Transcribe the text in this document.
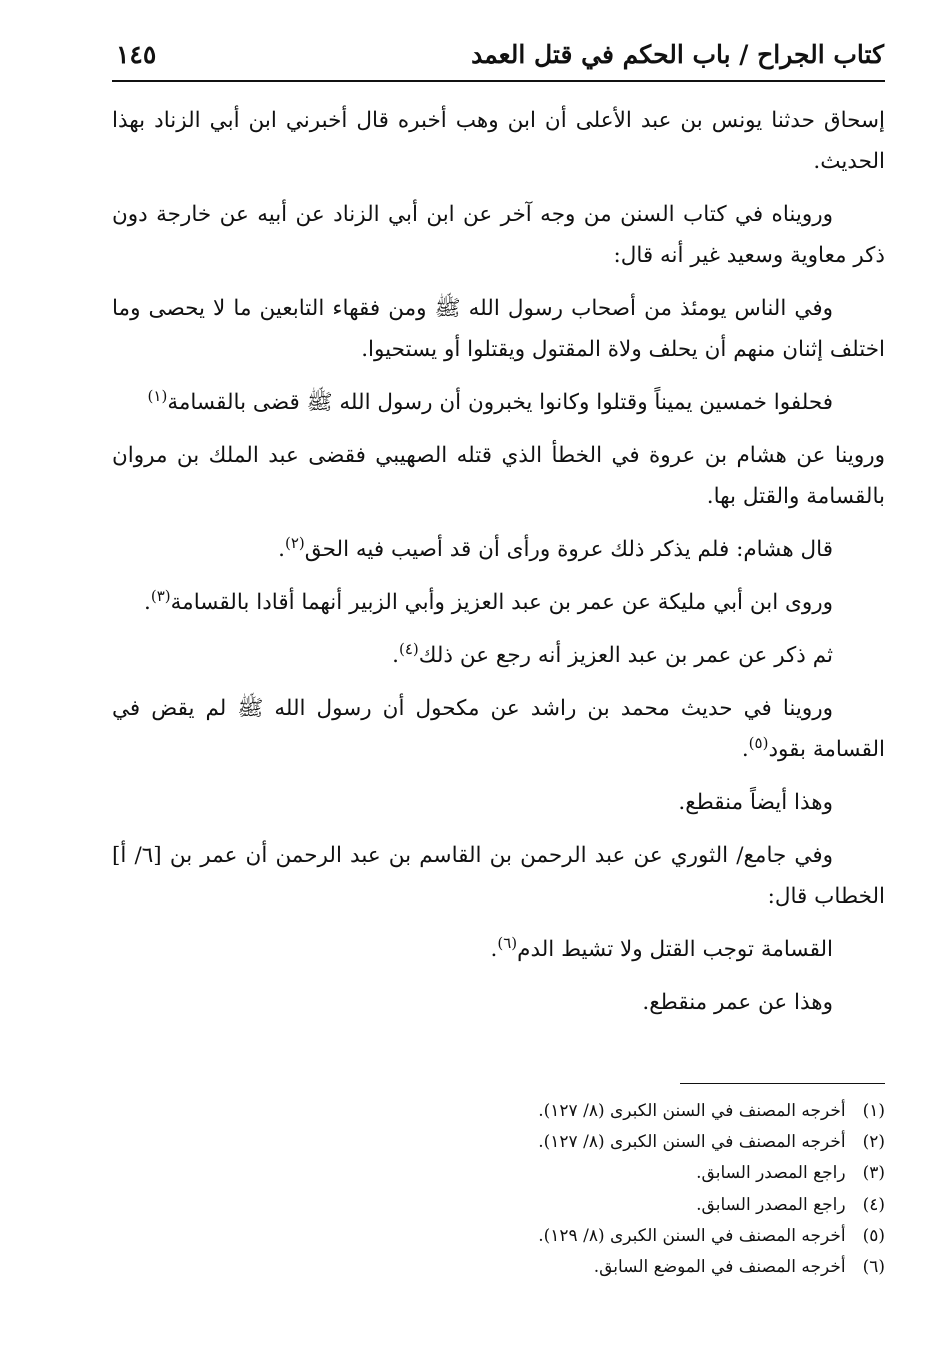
كتاب الجراح / باب الحكم في قتل العمد
١٤٥

إسحاق حدثنا يونس بن عبد الأعلى أن ابن وهب أخبره قال أخبرني ابن أبي الزناد بهذا الحديث.

ورويناه في كتاب السنن من وجه آخر عن ابن أبي الزناد عن أبيه عن خارجة دون ذكر معاوية وسعيد غير أنه قال:

وفي الناس يومئذ من أصحاب رسول الله ﷺ ومن فقهاء التابعين ما لا يحصى وما اختلف إثنان منهم أن يحلف ولاة المقتول ويقتلوا أو يستحيوا.

فحلفوا خمسين يميناً وقتلوا وكانوا يخبرون أن رسول الله ﷺ قضى بالقسامة$^{(١)}$

وروينا عن هشام بن عروة في الخطأ الذي قتله الصهيبي فقضى عبد الملك بن مروان بالقسامة والقتل بها.

قال هشام: فلم يذكر ذلك عروة ورأى أن قد أصيب فيه الحق$^{(٢)}$.

وروى ابن أبي مليكة عن عمر بن عبد العزيز وأبي الزبير أنهما أقادا بالقسامة$^{(٣)}$.

ثم ذكر عن عمر بن عبد العزيز أنه رجع عن ذلك$^{(٤)}$.

وروينا في حديث محمد بن راشد عن مكحول أن رسول الله ﷺ لم يقض في القسامة بقود$^{(٥)}$.

وهذا أيضاً منقطع.

وفي جامع/ الثوري عن عبد الرحمن بن القاسم بن عبد الرحمن أن عمر بن [٦/ أ] الخطاب قال:

القسامة توجب القتل ولا تشيط الدم$^{(٦)}$.

وهذا عن عمر منقطع.

(١) أخرجه المصنف في السنن الكبرى (٨/ ١٢٧).
(٢) أخرجه المصنف في السنن الكبرى (٨/ ١٢٧).
(٣) راجع المصدر السابق.
(٤) راجع المصدر السابق.
(٥) أخرجه المصنف في السنن الكبرى (٨/ ١٢٩).
(٦) أخرجه المصنف في الموضع السابق.
